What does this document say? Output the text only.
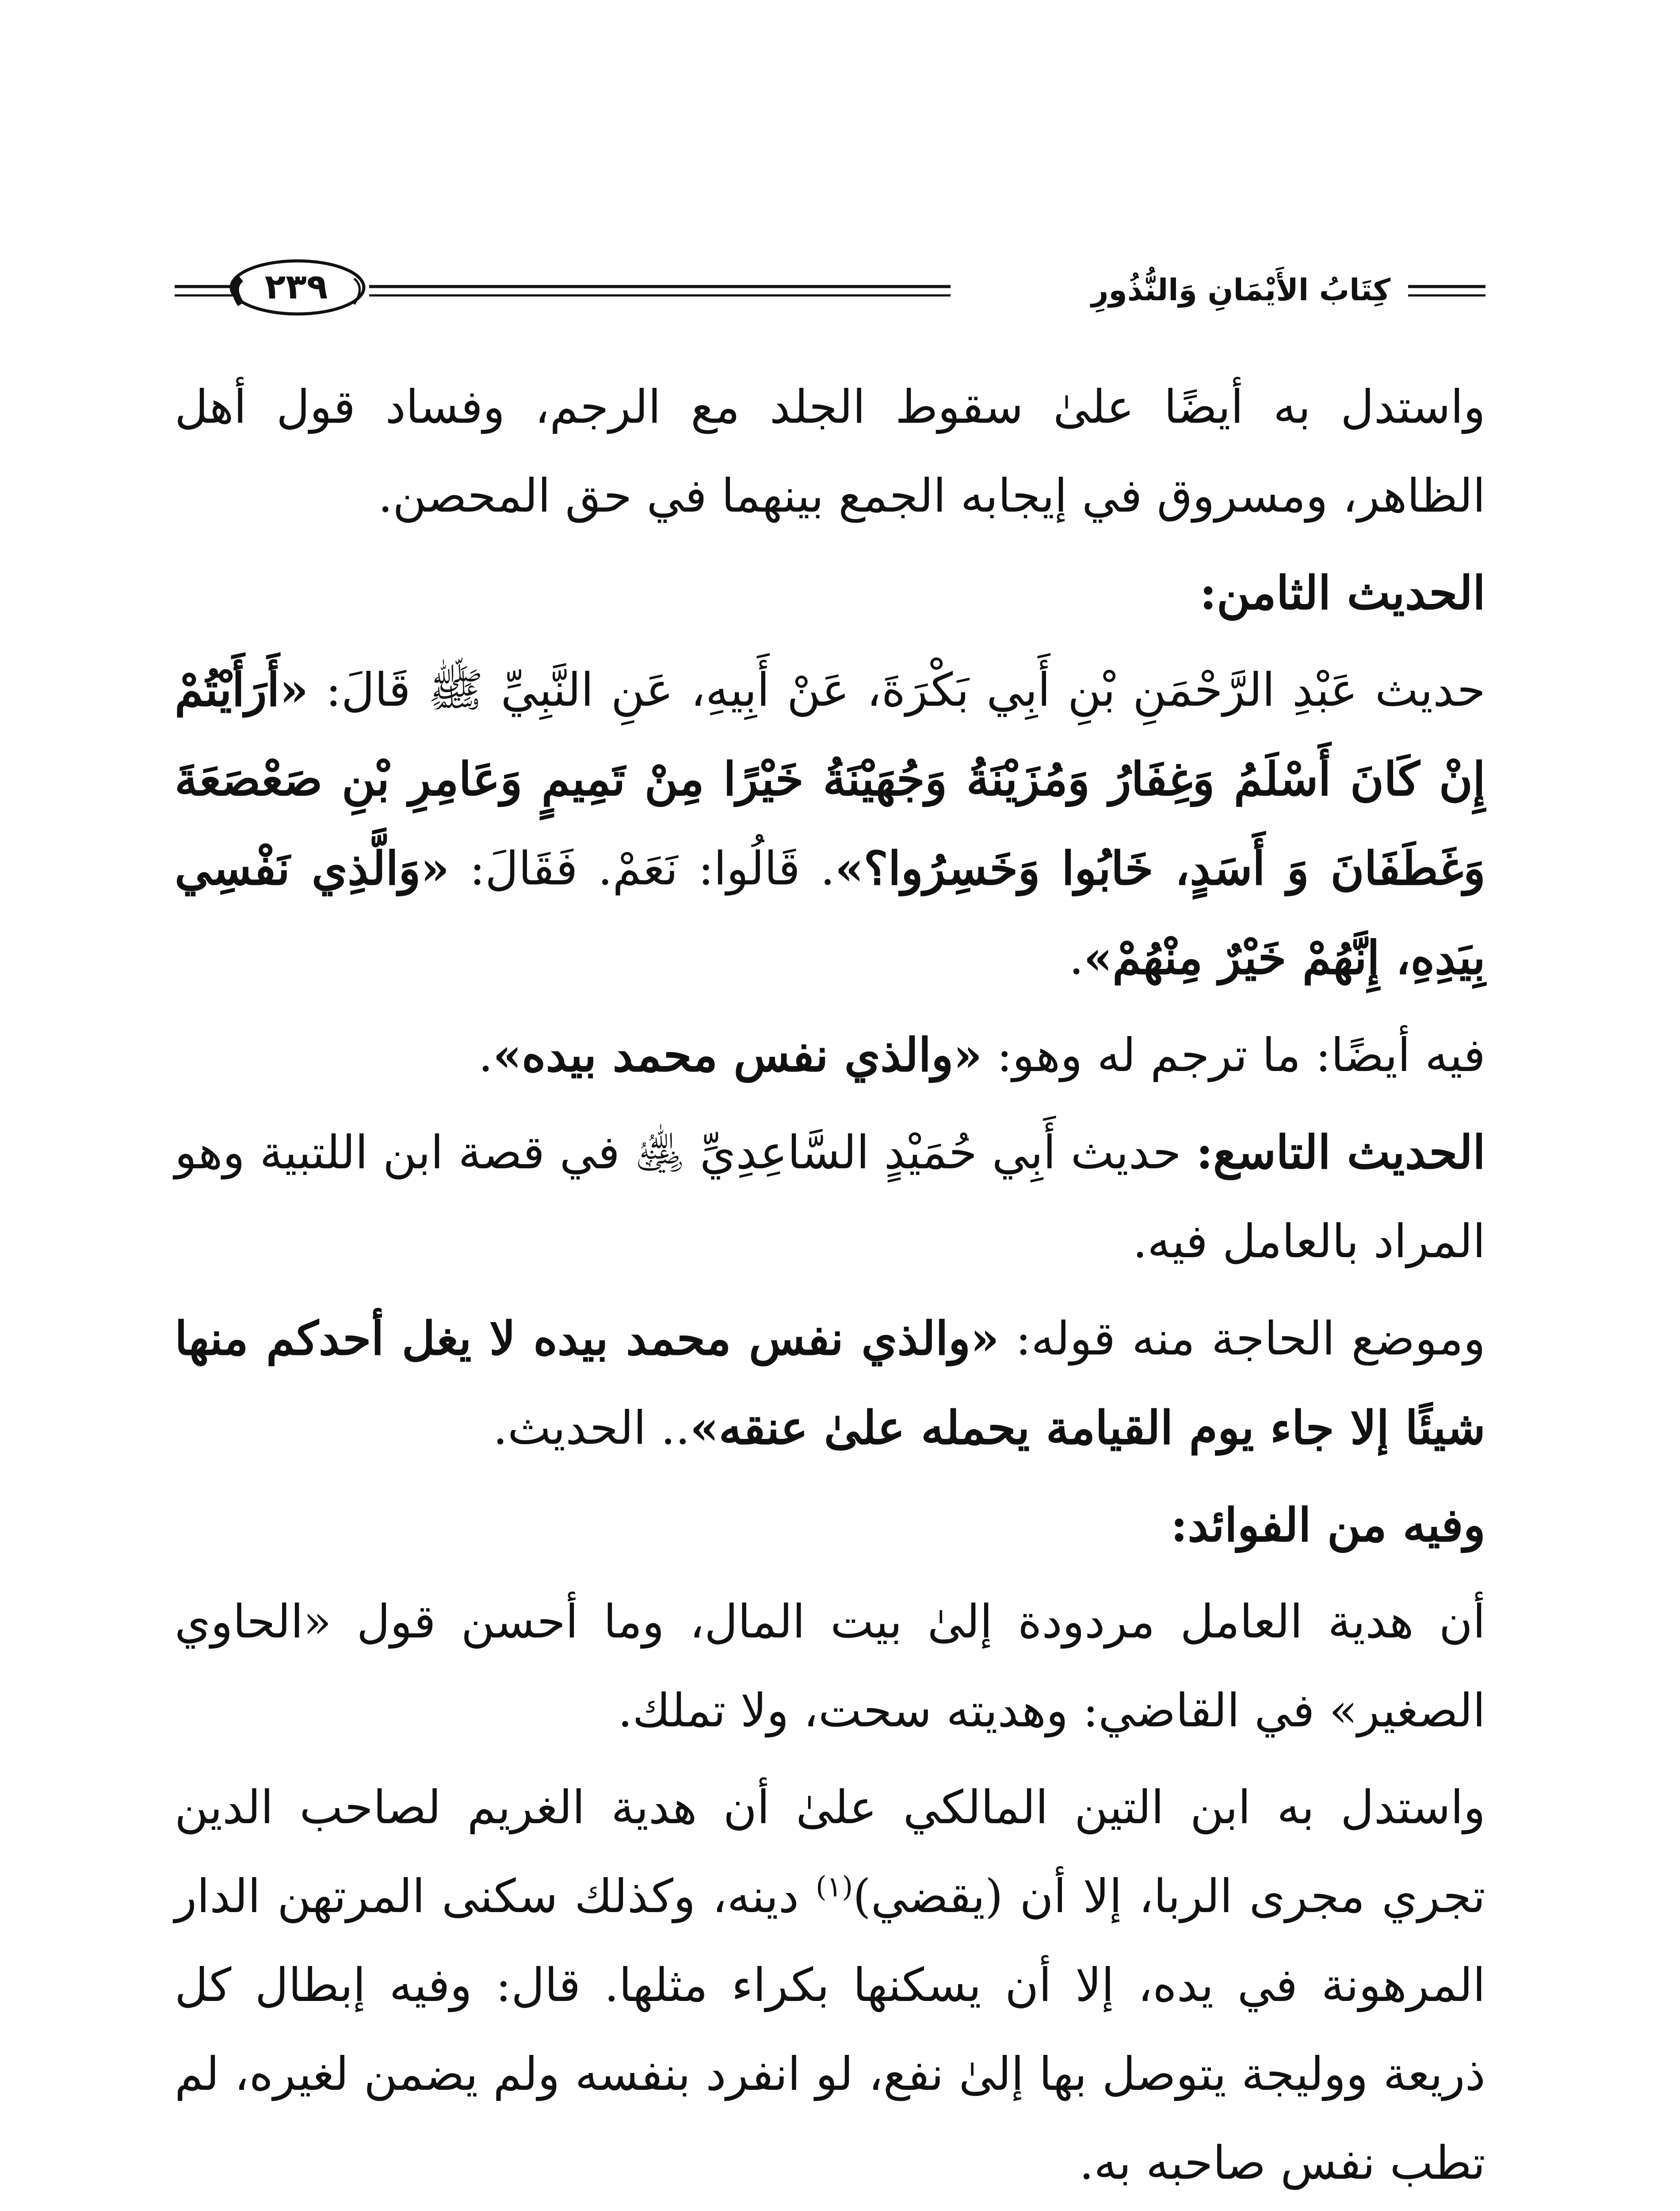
كِتَابُ الأَيْمَانِ وَالنُّذُورِ
٢٣٩

واستدل به أيضًا علىٰ سقوط الجلد مع الرجم، وفساد قول أهل الظاهر، ومسروق في إيجابه الجمع بينهما في حق المحصن.

الحديث الثامن:

حديث عَبْدِ الرَّحْمَنِ بْنِ أَبِي بَكْرَةَ، عَنْ أَبِيهِ، عَنِ النَّبِيِّ ﷺ قَالَ: «أَرَأَيْتُمْ إِنْ كَانَ أَسْلَمُ وَغِفَارُ وَمُزَيْنَةُ وَجُهَيْنَةُ خَيْرًا مِنْ تَمِيمٍ وَعَامِرِ بْنِ صَعْصَعَةَ وَغَطَفَانَ وَ أَسَدٍ، خَابُوا وَخَسِرُوا؟». قَالُوا: نَعَمْ. فَقَالَ: «وَالَّذِي نَفْسِي بِيَدِهِ، إِنَّهُمْ خَيْرٌ مِنْهُمْ».

فيه أيضًا: ما ترجم له وهو: «والذي نفس محمد بيده».

الحديث التاسع: حديث أَبِي حُمَيْدٍ السَّاعِدِيِّ ﵁ في قصة ابن اللتبية وهو المراد بالعامل فيه.

وموضع الحاجة منه قوله: «والذي نفس محمد بيده لا يغل أحدكم منها شيئًا إلا جاء يوم القيامة يحمله علىٰ عنقه».. الحديث.

وفيه من الفوائد:

أن هدية العامل مردودة إلىٰ بيت المال، وما أحسن قول «الحاوي الصغير» في القاضي: وهديته سحت، ولا تملك.

واستدل به ابن التين المالكي علىٰ أن هدية الغريم لصاحب الدين تجري مجرى الربا، إلا أن (يقضي)$^{(١)}$ دينه، وكذلك سكنى المرتهن الدار المرهونة في يده، إلا أن يسكنها بكراء مثلها. قال: وفيه إبطال كل ذريعة ووليجة يتوصل بها إلىٰ نفع، لو انفرد بنفسه ولم يضمن لغيره، لم تطب نفس صاحبه به.
